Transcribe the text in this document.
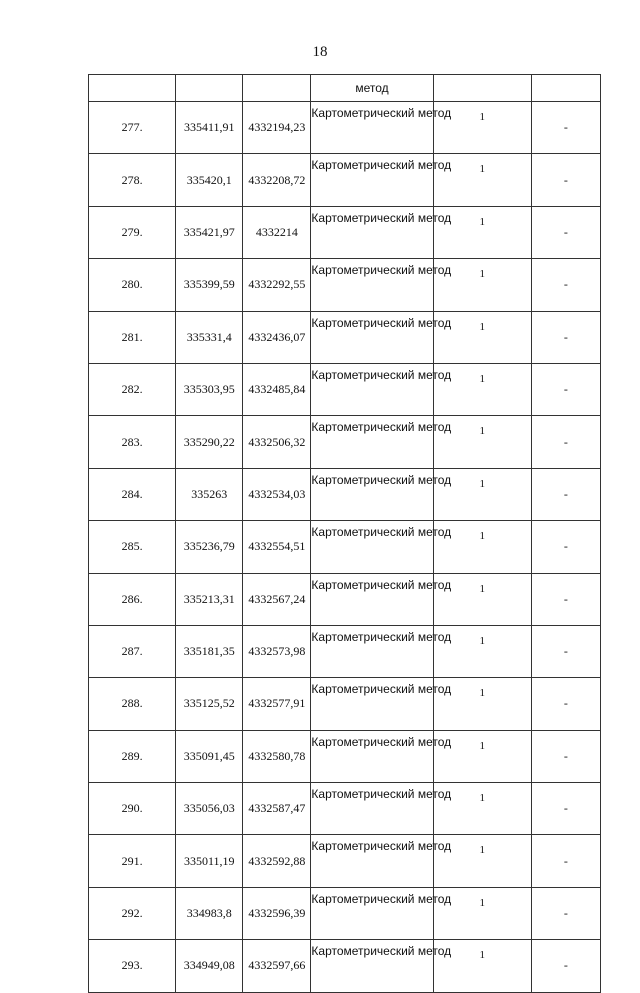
18
			метод		
277.	335411,91	4332194,23	Картометрический метод	1	-
278.	335420,1	4332208,72	Картометрический метод	1	-
279.	335421,97	4332214	Картометрический метод	1	-
280.	335399,59	4332292,55	Картометрический метод	1	-
281.	335331,4	4332436,07	Картометрический метод	1	-
282.	335303,95	4332485,84	Картометрический метод	1	-
283.	335290,22	4332506,32	Картометрический метод	1	-
284.	335263	4332534,03	Картометрический метод	1	-
285.	335236,79	4332554,51	Картометрический метод	1	-
286.	335213,31	4332567,24	Картометрический метод	1	-
287.	335181,35	4332573,98	Картометрический метод	1	-
288.	335125,52	4332577,91	Картометрический метод	1	-
289.	335091,45	4332580,78	Картометрический метод	1	-
290.	335056,03	4332587,47	Картометрический метод	1	-
291.	335011,19	4332592,88	Картометрический метод	1	-
292.	334983,8	4332596,39	Картометрический метод	1	-
293.	334949,08	4332597,66	Картометрический метод	1	-
